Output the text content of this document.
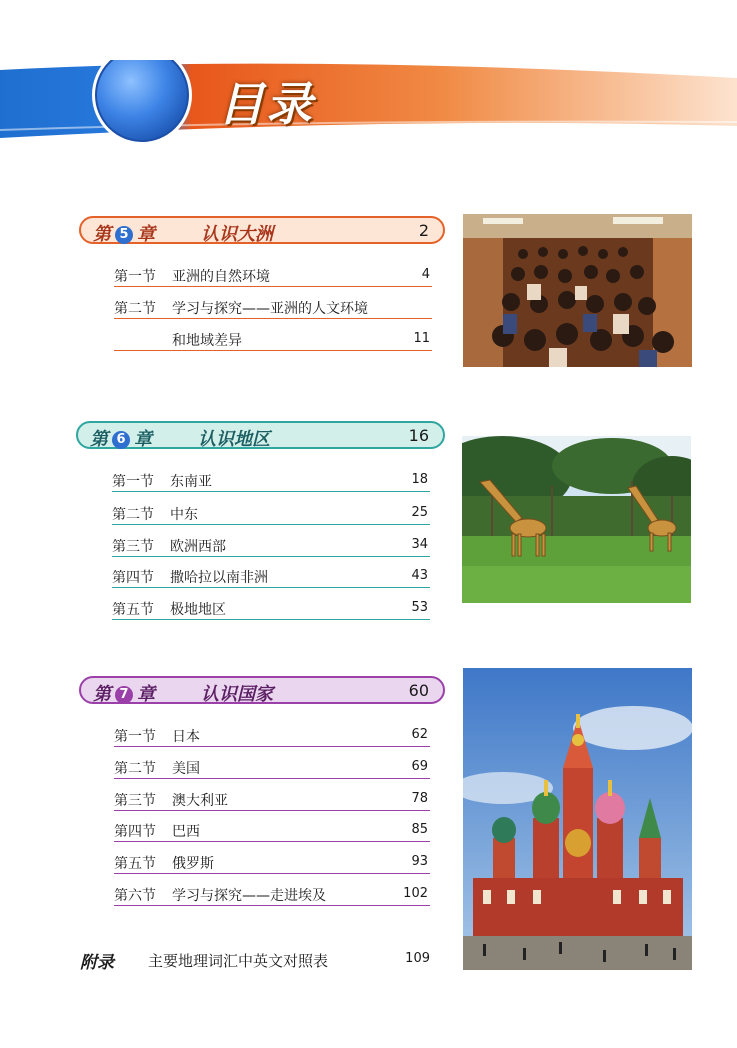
目录
第 5 章	认识大洲	2
第一节 亚洲的自然环境	4
第二节 学习与探究——亚洲的人文环境
和地域差异	11
第 6 章	认识地区	16
第一节 东南亚	18
第二节 中东	25
第三节 欧洲西部	34
第四节 撒哈拉以南非洲	43
第五节 极地地区	53
第 7 章	认识国家	60
第一节 日本	62
第二节 美国	69
第三节 澳大利亚	78
第四节 巴西	85
第五节 俄罗斯	93
第六节 学习与探究——走进埃及	102
附录 主要地理词汇中英文对照表	109
